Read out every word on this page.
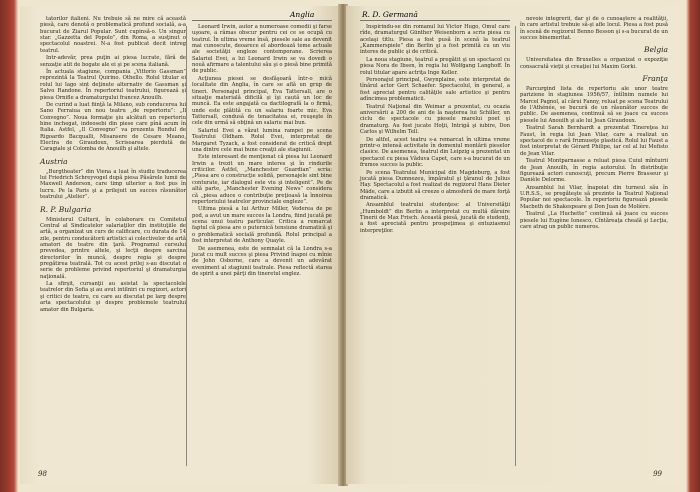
Anglia

tatorilor italieni. Nu trebuie să ne mire că această piesă, care denotă o problematică profund socială, a-a bucurat de Ziarul Popular. Sunt cupinsă-o. Un singur star. „Gazzetta del Popolo”, din Roma, a susţinut o spectacolul noastrei. N-a fost publicat decit intreg teatrul.

Intr-adevăr, prea puţin ai piesa lucrate, fără de senzaţie atit de bogate ale ei şi pe scena italiană.

În actuala stagiune, compania „Vittorio Gassman” reprezintă la Teatrul Quirino. Othello. Rolul titular ei rolul lui Iago sint deţinute alternativ de Gassman şi Salvo Randone. În repertoriul teatrului, figurează şi piesa Ornifle a dramaturgului francez Anouilh.

De curind a luat fiinţă la Milano, sub conducerea lui Sano Ferraiua un nou teatru „de repertoriu”: „Il Convegno”. Noua formaţie şiu alcătuit un repertoriu bine inchegat, indeosebi din piese care pînă acum în Italia. Astfel, „Il Convegno” va prezenta Rondul de Rigoardo Bacqualli, Misansere de Cesare Meano, Electra de Giraudoux, Scrisoarea pierdută de Caragiale şi Colomba de Anouilh şi altele.

Austria

„Burgtheater” din Viena a luat în studiu traducerea lui Friedrich Schreyvogel după piesa Păsărele lumii de Maxwell Anderson, care timp ulterior a fost pus în lucru. Pe la Paris şi a prilejuit un succes răsunător teatrului „Atelier”.

R. P. Bulgaria

Ministerul Culturii, în colaborare cu Comitetul Central al Sindicatelor salariaţilor din instituţiile de artă, a organizat un curs de calificare, cu durata de 14 zile, pentru conducătorii artistici ai colectivelor de artă amatori de teatre din ţară. Programul cursului prevedea, printre altele, şi lecţii despre sarcina directorilor în muncă, despre regia şi despre pregătirea teatrală. Tot cu acest prilej s-au discutat o serie de probleme privind repertoriul şi dramaturgia naţională.

La sfirşit, cursanţii au asistat la spectacolele teatrelor din Sofia şi au avut intilniri cu regizori, actori şi critici de teatru, cu care au discutat pe larg despre arta spectacolului şi despre problemele teatrului amator din Bulgaria.

Leonard Irwin, autor a numeroase comedii şi farse uşoare, a rămas obscur pentru cei ce se ocupă cu teatrul. În ultima vreme însă, piesele sale au devenit mai cunoscute, deoarece el abordează teme actuale ale societăţii engleze contemporane. Scrierea Salariul Evei, a lui Leonard Irwin se va dovedi o nouă afirmare a talentului său şi o piesă bine primită de public.

Acţiunea piesei se desfăşoară într-o mică localitate din Anglia, în care se află un grup de tineri. Personajul principal, Eva Tattersall, are o situaţie materială dificilă şi îşi caută un loc de muncă. Ea este angajată ca dactilografă la o firmă, unde este plătită cu un salariu foarte mic. Eva Tattersall, condusă de tenacitatea ei, reuşeşte în cele din urmă să obţină un salariu mai bun.

Salariul Evei a văzut lumina rampei pe scena Teatrului Oldham. Rolul Evei, interpretat de Margaret Tyzack, a fost considerat de critică drept una dintre cele mai bune creaţii ale stagiunii.

Este interesant de menţionat că piesa lui Leonard Irwin a trezit un mare interes şi în rindurile criticilor. Astfel, „Manchester Guardian” scria: „Piesa are o construcţie solidă, personajele sint bine conturate, iar dialogul este viu şi inteligent”. Pe de altă parte, „Manchester Evening News” considera că „piesa aduce o contribuţie preţioasă la înnoirea repertoriului teatrelor provinciale engleze”.

Ultima piesă a lui Arthur Miller, Vederea de pe pod, a avut un mare succes la Londra, fiind jucată pe scena unui teatru particular. Critica a remarcat faptul că piesa are o puternică tensiune dramatică şi o problematică socială profundă. Rolul principal a fost interpretat de Anthony Quayle.

De asemenea, este de semnalat că la Londra s-a jucat cu mult succes şi piesa Privind înapoi cu mînie de John Osborne, care a devenit un adevărat eveniment al stagiunii teatrale. Piesa reflectă starea de spirit a unei părţi din tineretul englez.

98
R. D. Germană

Inspirindu-se din romanul lui Victor Hugo, Omul care rîde, dramaturgul Günther Weisenborn a scris piesa cu acelaşi titlu. Piesa a fost pusă în scenă la teatrul „Kammerspiele” din Berlin şi a fost primită cu un viu interes de public şi de critică.

La noua stagiune, teatrul a pregătit şi un spectacol cu piesa Nora de Ibsen, în regia lui Wolfgang Langhoff. În rolul titular apare actriţa Inge Keller.

Personajul principal, Gwynplaine, este interpretat de tînărul actor Gert Schaefer. Spectacolul, în general, a fost apreciat pentru calităţile sale artistice şi pentru adîncimea problematicii.

Teatrul Naţional din Weimar a prezentat, cu ocazia aniversării a 200 de ani de la naşterea lui Schiller, un ciclu de spectacole cu piesele marelui poet şi dramaturg. Au fost jucate Hoţii, Intrigă şi iubire, Don Carlos şi Wilhelm Tell.

De altfel, acest teatru s-a remarcat în ultima vreme printr-o intensă activitate în domeniul montării pieselor clasice. De asemenea, teatrul din Leipzig a prezentat un spectacol cu piesa Văduva Capet, care s-a bucurat de un frumos succes la public.

Pe scena Teatrului Municipal din Magdeburg, a fost jucată piesa Dumnezeu, împăratul şi ţăranul de Julius Hay. Spectacolul a fost realizat de regizorul Hans Dieter Mäde, care a izbutit să creeze o atmosferă de mare forţă dramatică.

Ansamblul teatrului studenţesc al Universităţii „Humboldt” din Berlin a interpretat cu multă dăruire Tinerii de Max Frisch. Această piesă, jucată de studenţi, a fost apreciată pentru prospeţimea şi entuziasmul interpreţilor.

nevoie integrerii, dar şi de o cunoaştere a realităţii, în care artistul trebuie să-şi afle locul. Piesa a fost pusă în scenă de regizorul Benno Besson şi s-a bucurat de un succes binemeritat.

Belgia

Universitatea din Bruxelles a organizat o expoziţie consacrată vieţii şi creaţiei lui Maxim Gorki.

Franţa

Parcurgind lista de repertoriu ale unor teatre pariziene în stagiunea 1956/57, întîlnim numele lui Marcel Pagnol, al cărui Fanny, reluat pe scena Teatrului de l'Athénée, se bucură de un răsunător succes de public. De asemenea, continuă să se joace cu succes piesele lui Anouilh şi ale lui Jean Giraudoux.

Teatrul Sarah Bernhardt a prezentat Tinereţea lui Faust, în regia lui Jean Vilar, care a realizat un spectacol de o rară frumuseţe plastică. Rolul lui Faust a fost interpretat de Gérard Philipe, iar cel al lui Mefisto de Jean Vilar.

Teatrul Montparnasse a reluat piesa Cuiul mîntuirii de Jean Anouilh, în regia autorului. În distribuţie figurează actori cunoscuţi, precum Pierre Brasseur şi Danièle Delorme.

Ansamblul lui Vilar, înapoiat din turneul său în U.R.S.S., se pregăteşte să prezinte la Teatrul Naţional Popular noi spectacole. În repertoriu figurează piesele Macbeth de Shakespeare şi Don Juan de Molière.

Teatrul „La Huchette” continuă să joace cu succes piesele lui Eugène Ionesco, Cîntăreaţa cheală şi Lecţia, care atrag un public numeros.

99
